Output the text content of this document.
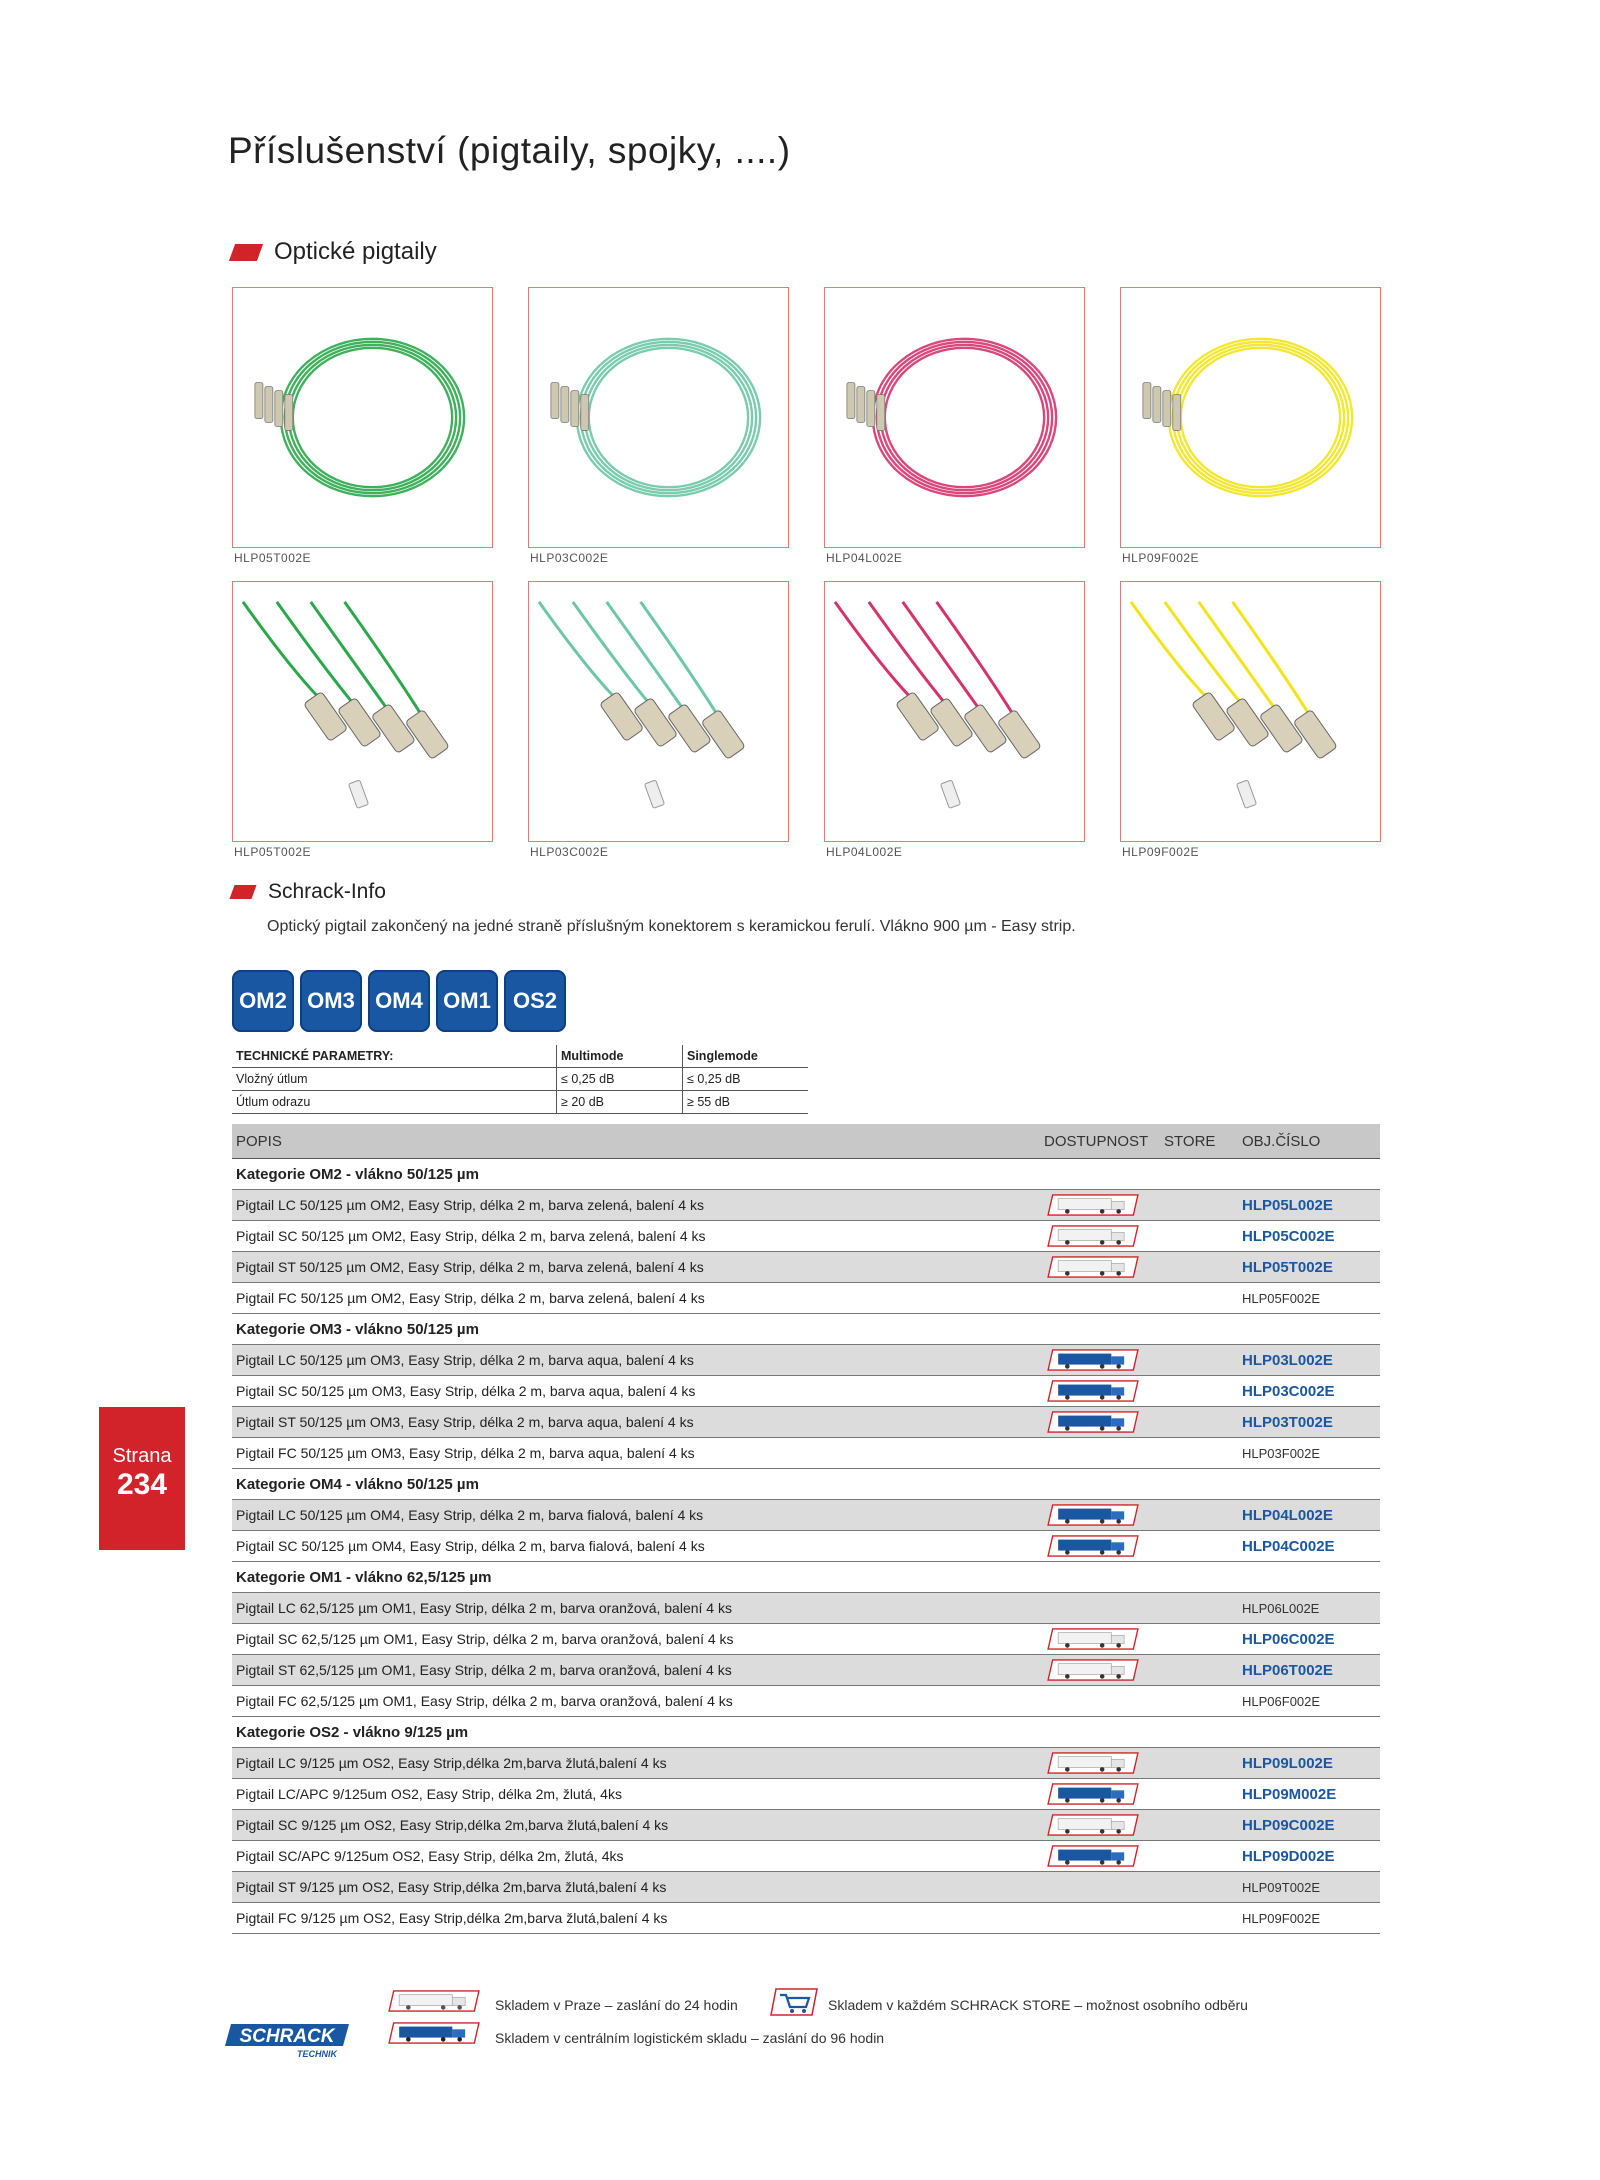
Příslušenství (pigtaily, spojky, ....)
Optické pigtaily
HLP05T002E	HLP03C002E	HLP04L002E	HLP09F002E
HLP05T002E	HLP03C002E	HLP04L002E	HLP09F002E
Schrack-Info
Optický pigtail zakončený na jedné straně příslušným konektorem s keramickou ferulí. Vlákno 900 µm - Easy strip.
OM2 OM3 OM4 OM1	OS2
TECHNICKÉ PARAMETRY:	Multimode	Singlemode
Vložný útlum	≤ 0,25 dB	≤ 0,25 dB
Útlum odrazu	≥ 20 dB	≥ 55 dB
POPIS	DOSTUPNOST	STORE	OBJ.ČÍSLO
Kategorie OM2 - vlákno 50/125 µm			
Pigtail LC 50/125 µm OM2, Easy Strip, délka 2 m, barva zelená, balení 4 ks			HLP05L002E
Pigtail SC 50/125 µm OM2, Easy Strip, délka 2 m, barva zelená, balení 4 ks			HLP05C002E
Pigtail ST 50/125 µm OM2, Easy Strip, délka 2 m, barva zelená, balení 4 ks			HLP05T002E
Pigtail FC 50/125 µm OM2, Easy Strip, délka 2 m, barva zelená, balení 4 ks			HLP05F002E
Kategorie OM3 - vlákno 50/125 µm			
Pigtail LC 50/125 µm OM3, Easy Strip, délka 2 m, barva aqua, balení 4 ks			HLP03L002E
Pigtail SC 50/125 µm OM3, Easy Strip, délka 2 m, barva aqua, balení 4 ks			HLP03C002E
Pigtail ST 50/125 µm OM3, Easy Strip, délka 2 m, barva aqua, balení 4 ks			HLP03T002E
Pigtail FC 50/125 µm OM3, Easy Strip, délka 2 m, barva aqua, balení 4 ks			HLP03F002E
Kategorie OM4 - vlákno 50/125 µm			
Pigtail LC 50/125 µm OM4, Easy Strip, délka 2 m, barva fialová, balení 4 ks			HLP04L002E
Pigtail SC 50/125 µm OM4, Easy Strip, délka 2 m, barva fialová, balení 4 ks			HLP04C002E
Kategorie OM1 - vlákno 62,5/125 µm			
Pigtail LC 62,5/125 µm OM1, Easy Strip, délka 2 m, barva oranžová, balení 4 ks			HLP06L002E
Pigtail SC 62,5/125 µm OM1, Easy Strip, délka 2 m, barva oranžová, balení 4 ks			HLP06C002E
Pigtail ST 62,5/125 µm OM1, Easy Strip, délka 2 m, barva oranžová, balení 4 ks			HLP06T002E
Pigtail FC 62,5/125 µm OM1, Easy Strip, délka 2 m, barva oranžová, balení 4 ks			HLP06F002E
Kategorie OS2 - vlákno 9/125 µm			
Pigtail LC 9/125 µm OS2, Easy Strip,délka 2m,barva žlutá,balení 4 ks			HLP09L002E
Pigtail LC/APC 9/125um OS2, Easy Strip, délka 2m, žlutá, 4ks			HLP09M002E
Pigtail SC 9/125 µm OS2, Easy Strip,délka 2m,barva žlutá,balení 4 ks			HLP09C002E
Pigtail SC/APC 9/125um OS2, Easy Strip, délka 2m, žlutá, 4ks			HLP09D002E
Pigtail ST 9/125 µm OS2, Easy Strip,délka 2m,barva žlutá,balení 4 ks			HLP09T002E
Pigtail FC 9/125 µm OS2, Easy Strip,délka 2m,barva žlutá,balení 4 ks			HLP09F002E
Strana
234
Skladem v Praze – zaslání do 24 hodin	Skladem v každém SCHRACK STORE – možnost osobního odběru
Skladem v centrálním logistickém skladu – zaslání do 96 hodin
SCHRACK
TECHNIK
